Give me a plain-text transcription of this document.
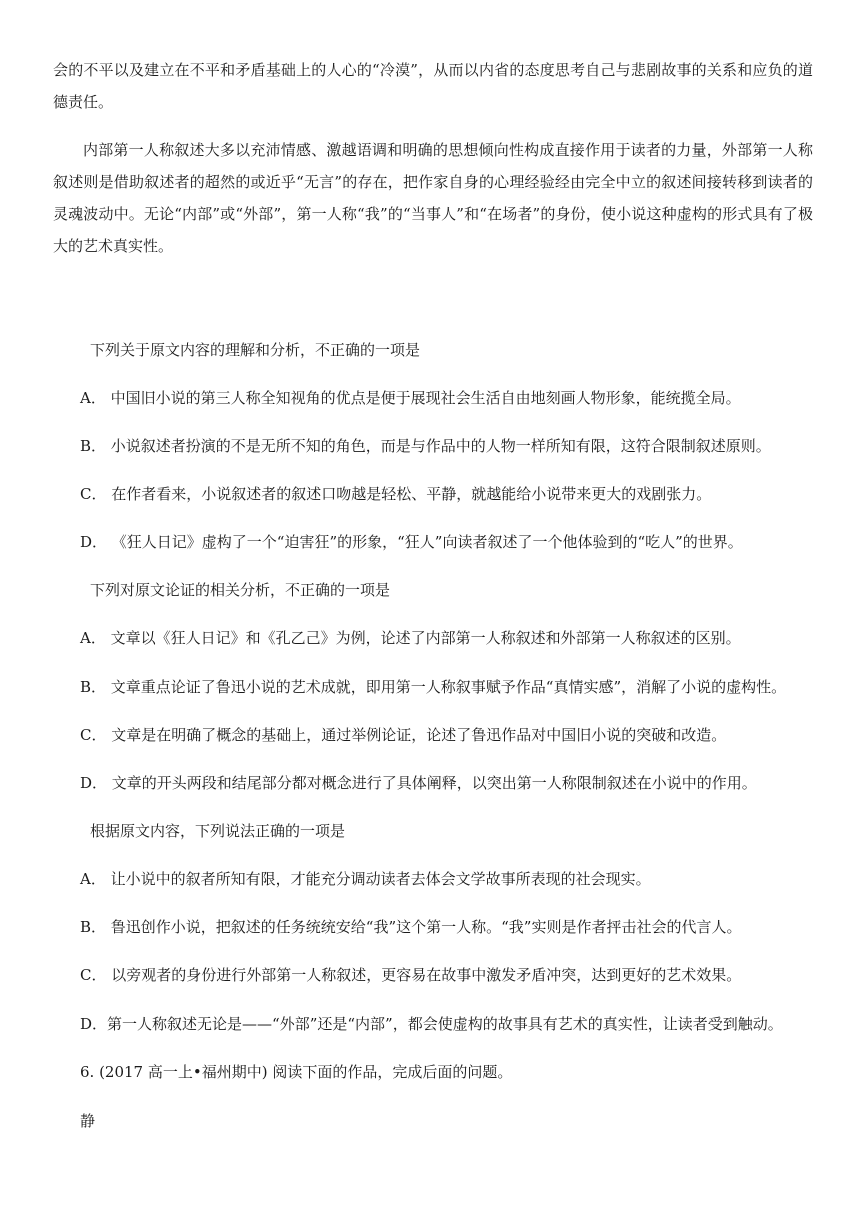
会的不平以及建立在不平和矛盾基础上的人心的“冷漠”，从而以内省的态度思考自己与悲剧故事的关系和应负的道德责任。

内部第一人称叙述大多以充沛情感、激越语调和明确的思想倾向性构成直接作用于读者的力量，外部第一人称叙述则是借助叙述者的超然的或近乎“无言”的存在，把作家自身的心理经验经由完全中立的叙述间接转移到读者的灵魂波动中。无论“内部”或“外部”，第一人称“我”的“当事人”和“在场者”的身份，使小说这种虚构的形式具有了极大的艺术真实性。

下列关于原文内容的理解和分析，不正确的一项是
A． 中国旧小说的第三人称全知视角的优点是便于展现社会生活自由地刻画人物形象，能统揽全局。
B． 小说叙述者扮演的不是无所不知的角色，而是与作品中的人物一样所知有限，这符合限制叙述原则。
C． 在作者看来，小说叙述者的叙述口吻越是轻松、平静，就越能给小说带来更大的戏剧张力。
D． 《狂人日记》虚构了一个“迫害狂”的形象，“狂人”向读者叙述了一个他体验到的“吃人”的世界。
下列对原文论证的相关分析，不正确的一项是
A． 文章以《狂人日记》和《孔乙己》为例，论述了内部第一人称叙述和外部第一人称叙述的区别。
B． 文章重点论证了鲁迅小说的艺术成就，即用第一人称叙事赋予作品“真情实感”，消解了小说的虚构性。
C． 文章是在明确了概念的基础上，通过举例论证，论述了鲁迅作品对中国旧小说的突破和改造。
D． 文章的开头两段和结尾部分都对概念进行了具体阐释，以突出第一人称限制叙述在小说中的作用。
根据原文内容，下列说法正确的一项是
A． 让小说中的叙者所知有限，才能充分调动读者去体会文学故事所表现的社会现实。
B． 鲁迅创作小说，把叙述的任务统统安给“我”这个第一人称。“我”实则是作者抨击社会的代言人。
C． 以旁观者的身份进行外部第一人称叙述，更容易在故事中激发矛盾冲突，达到更好的艺术效果。
D．第一人称叙述无论是——“外部”还是“内部”，都会使虚构的故事具有艺术的真实性，让读者受到触动。
6. (2017 高一上•福州期中) 阅读下面的作品，完成后面的问题。
静
